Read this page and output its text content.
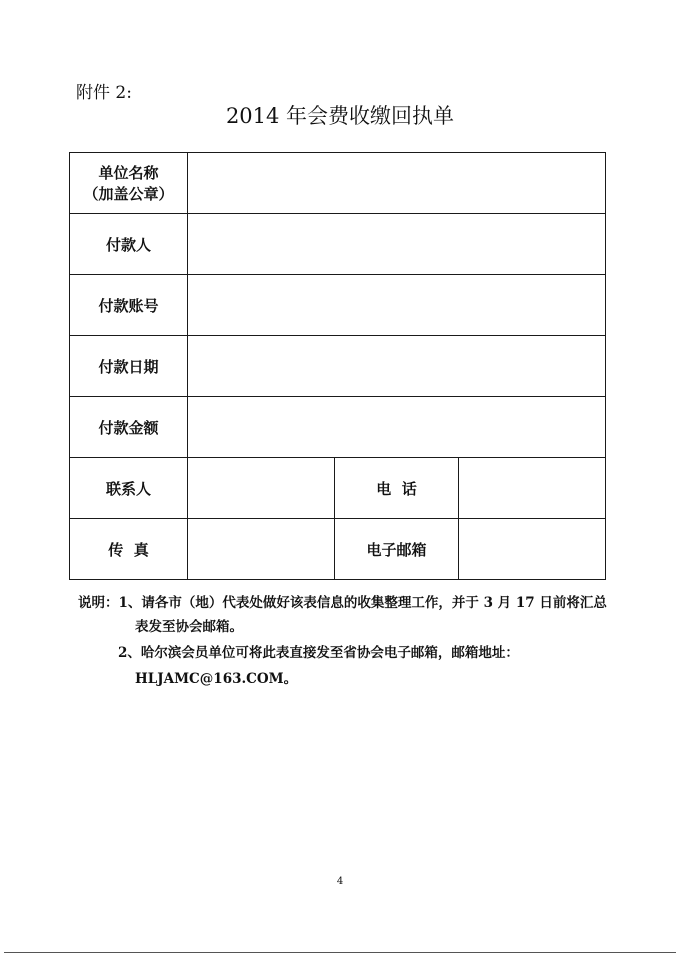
附件 2:
2014 年会费收缴回执单
单位名称
（加盖公章）			

付款人			
付款账号			
付款日期			
付款金额			
联系人		电  话	
传  真		电子邮箱	
说明：1、请各市（地）代表处做好该表信息的收集整理工作，并于 3 月 17 日前将汇总
表发至协会邮箱。
2、哈尔滨会员单位可将此表直接发至省协会电子邮箱，邮箱地址：
HLJAMC@163.COM。
4
